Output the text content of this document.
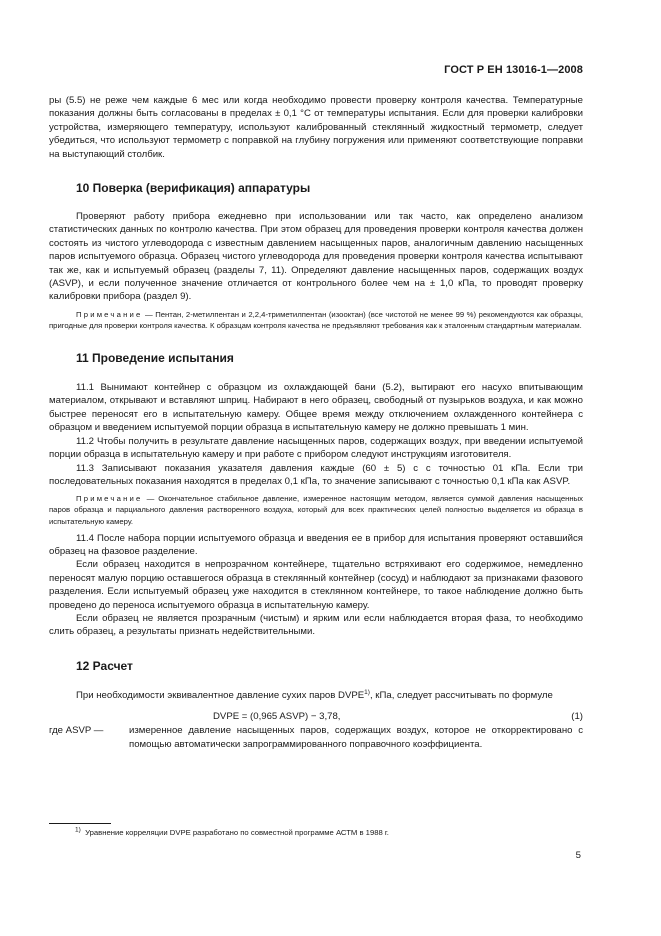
ГОСТ Р ЕН 13016-1—2008

ры (5.5) не реже чем каждые 6 мес или когда необходимо провести проверку контроля качества. Температурные показания должны быть согласованы в пределах ± 0,1 °С от температуры испытания. Если для проверки калибровки устройства, измеряющего температуру, используют калиброванный стеклянный жидкостный термометр, следует убедиться, что используют термометр с поправкой на глубину погружения или применяют соответствующие поправки на выступающий столбик.

10 Поверка (верификация) аппаратуры

Проверяют работу прибора ежедневно при использовании или так часто, как определено анализом статистических данных по контролю качества. При этом образец для проведения проверки контроля качества должен состоять из чистого углеводорода с известным давлением насыщенных паров, аналогичным давлению насыщенных паров испытуемого образца. Образец чистого углеводорода для проведения проверки контроля качества испытывают так же, как и испытуемый образец (разделы 7, 11). Определяют давление насыщенных паров, содержащих воздух (ASVP), и если полученное значение отличается от контрольного более чем на ± 1,0 кПа, то проводят проверку калибровки прибора (раздел 9).

Примечание — Пентан, 2-метилпентан и 2,2,4-триметилпентан (изооктан) (все чистотой не менее 99 %) рекомендуются как образцы, пригодные для проверки контроля качества. К образцам контроля качества не предъявляют требования как к эталонным стандартным материалам.

11 Проведение испытания

11.1 Вынимают контейнер с образцом из охлаждающей бани (5.2), вытирают его насухо впитывающим материалом, открывают и вставляют шприц. Набирают в него образец, свободный от пузырьков воздуха, и как можно быстрее переносят его в испытательную камеру. Общее время между отключением охлажденного контейнера с образцом и введением испытуемой порции образца в испытательную камеру не должно превышать 1 мин.

11.2 Чтобы получить в результате давление насыщенных паров, содержащих воздух, при введении испытуемой порции образца в испытательную камеру и при работе с прибором следуют инструкциям изготовителя.

11.3 Записывают показания указателя давления каждые (60 ± 5) с с точностью 01 кПа. Если три последовательных показания находятся в пределах 0,1 кПа, то значение записывают с точностью 0,1 кПа как ASVP.

Примечание — Окончательное стабильное давление, измеренное настоящим методом, является суммой давления насыщенных паров образца и парциального давления растворенного воздуха, который для всех практических целей полностью выделяется из образца в испытательную камеру.

11.4 После набора порции испытуемого образца и введения ее в прибор для испытания проверяют оставшийся образец на фазовое разделение.

Если образец находится в непрозрачном контейнере, тщательно встряхивают его содержимое, немедленно переносят малую порцию оставшегося образца в стеклянный контейнер (сосуд) и наблюдают за признаками фазового разделения. Если испытуемый образец уже находится в стеклянном контейнере, то такое наблюдение должно быть проведено до переноса испытуемого образца в испытательную камеру.

Если образец не является прозрачным (чистым) и ярким или если наблюдается вторая фаза, то необходимо слить образец, а результаты признать недействительными.

12 Расчет

При необходимости эквивалентное давление сухих паров DVPE$^{1)}$, кПа, следует рассчитывать по формуле

DVPE = (0,965 ASVP) − 3,78,	(1)
где ASVP —	измеренное давление насыщенных паров, содержащих воздух, которое не откорректировано с помощью автоматически запрограммированного поправочного коэффициента.
$^{1)}$ Уравнение корреляции DVPE разработано по совместной программе АСТМ в 1988 г.
5
